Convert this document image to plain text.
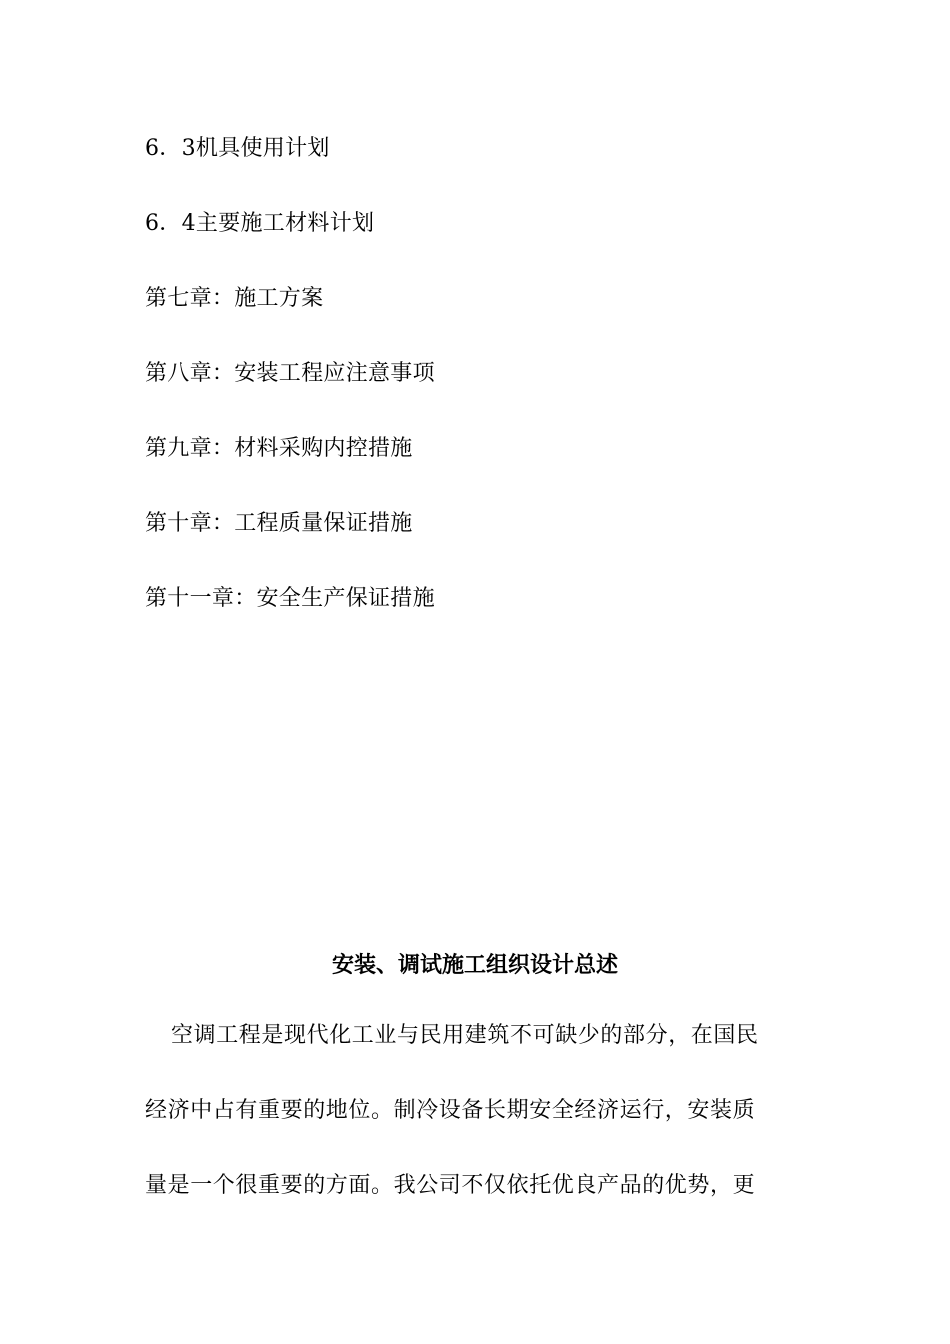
6．3机具使用计划
6．4主要施工材料计划
第七章：施工方案
第八章：安装工程应注意事项
第九章：材料采购内控措施
第十章：工程质量保证措施
第十一章：安全生产保证措施
安装、调试施工组织设计总述
空调工程是现代化工业与民用建筑不可缺少的部分，在国民
经济中占有重要的地位。制冷设备长期安全经济运行，安装质
量是一个很重要的方面。我公司不仅依托优良产品的优势，更
